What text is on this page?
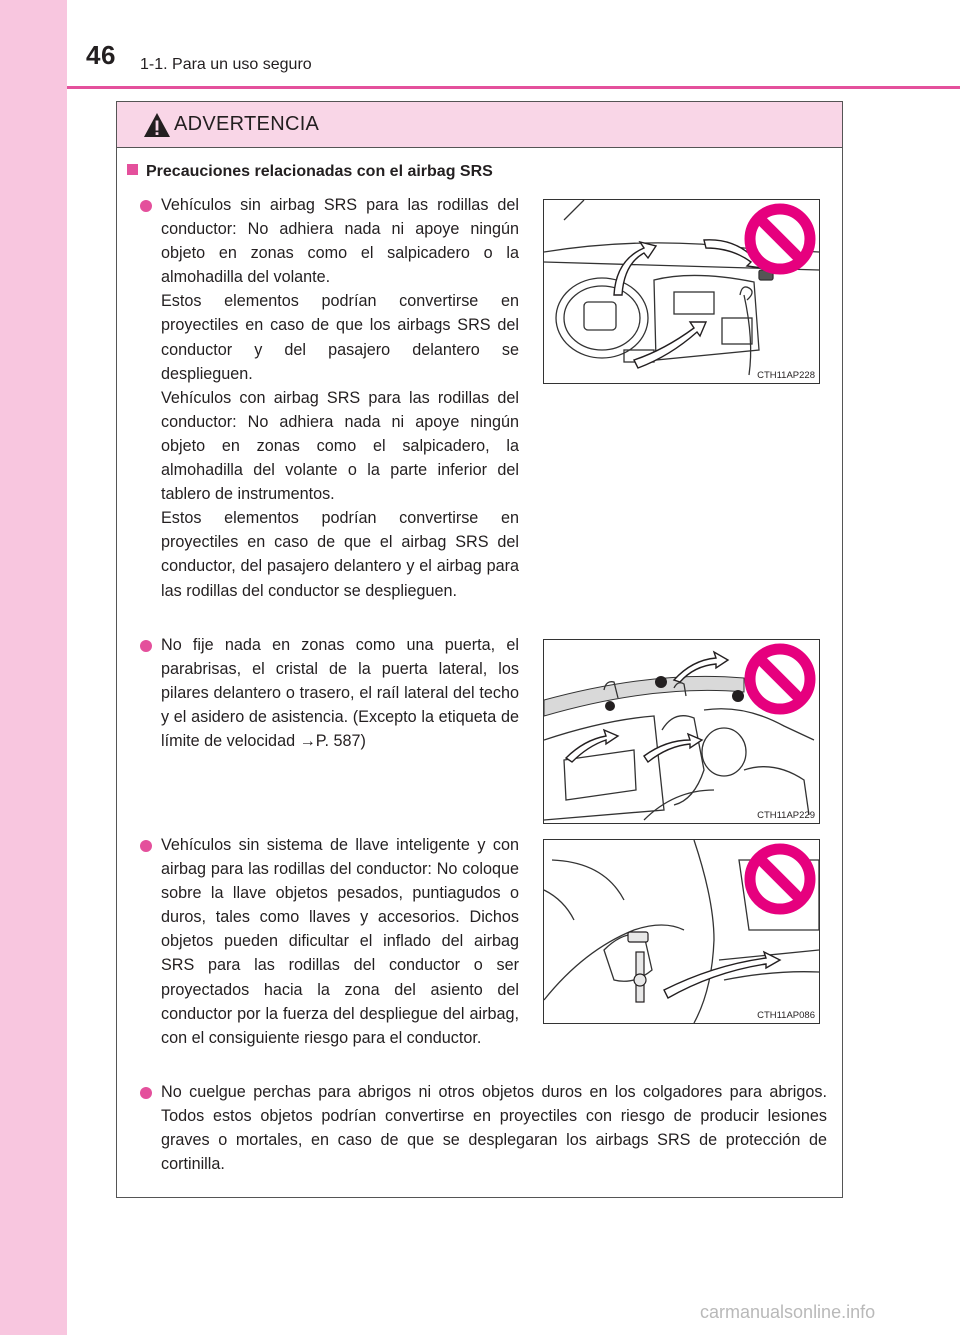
46 1-1. Para un uso seguro
ADVERTENCIA
Precauciones relacionadas con el airbag SRS

Vehículos sin airbag SRS para las rodillas del conductor: No adhiera nada ni apoye ningún objeto en zonas como el salpicadero o la almohadilla del volante.

Estos elementos podrían convertirse en proyectiles en caso de que los airbags SRS del conductor y del pasajero delantero se desplieguen.

Vehículos con airbag SRS para las rodillas del conductor: No adhiera nada ni apoye ningún objeto en zonas como el salpicadero, la almohadilla del volante o la parte inferior del tablero de instrumentos.

Estos elementos podrían convertirse en proyectiles en caso de que el airbag SRS del conductor, del pasajero delantero y el airbag para las rodillas del conductor se desplieguen.

CTH11AP228

No fije nada en zonas como una puerta, el parabrisas, el cristal de la puerta lateral, los pilares delantero o trasero, el raíl lateral del techo y el asidero de asistencia. (Excepto la etiqueta de límite de velocidad →P. 587)

CTH11AP229

Vehículos sin sistema de llave inteligente y con airbag para las rodillas del conductor: No coloque sobre la llave objetos pesados, puntiagudos o duros, tales como llaves y accesorios. Dichos objetos pueden dificultar el inflado del airbag SRS para las rodillas del conductor o ser proyectados hacia la zona del asiento del conductor por la fuerza del despliegue del airbag, con el consiguiente riesgo para el conductor.

CTH11AP086

No cuelgue perchas para abrigos ni otros objetos duros en los colgadores para abrigos. Todos estos objetos podrían convertirse en proyectiles con riesgo de producir lesiones graves o mortales, en caso de que se desplegaran los airbags SRS de protección de cortinilla.

carmanualsonline.info
